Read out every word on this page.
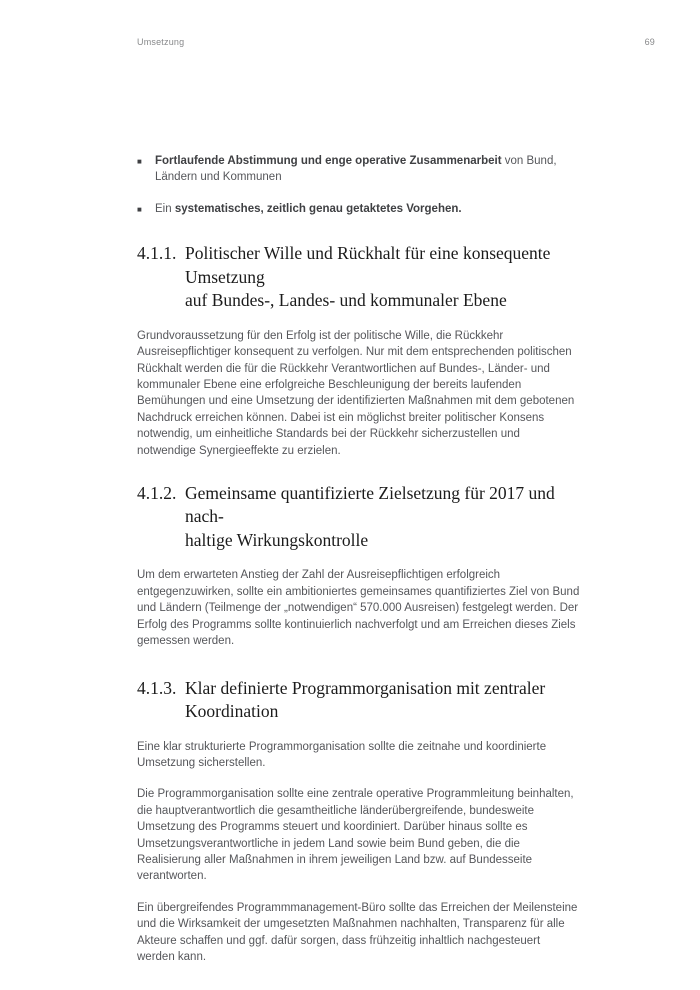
Umsetzung	69
■	Fortlaufende Abstimmung und enge operative Zusammenarbeit von Bund, Ländern und Kommunen
■	Ein systematisches, zeitlich genau getaktetes Vorgehen.
4.1.1. Politischer Wille und Rückhalt für eine konsequente Umsetzung
auf Bundes-, Landes- und kommunaler Ebene

Grundvoraussetzung für den Erfolg ist der politische Wille, die Rückkehr Ausreisepflichtiger konsequent zu verfolgen. Nur mit dem entsprechenden politischen Rückhalt werden die für die Rückkehr Verantwortlichen auf Bundes-, Länder- und kommunaler Ebene eine erfolgreiche Beschleunigung der bereits laufenden Bemühungen und eine Umsetzung der identifizierten Maßnahmen mit dem gebotenen Nachdruck erreichen können. Dabei ist ein möglichst breiter politischer Konsens notwendig, um einheitliche Standards bei der Rückkehr sicherzustellen und notwendige Synergieeffekte zu erzielen.

4.1.2. Gemeinsame quantifizierte Zielsetzung für 2017 und nach-
haltige Wirkungskontrolle

Um dem erwarteten Anstieg der Zahl der Ausreisepflichtigen erfolgreich entgegenzuwirken, sollte ein ambitioniertes gemeinsames quantifiziertes Ziel von Bund und Ländern (Teilmenge der „notwendigen“ 570.000 Ausreisen) festgelegt werden. Der Erfolg des Programms sollte kontinuierlich nachverfolgt und am Erreichen dieses Ziels gemessen werden.

4.1.3. Klar definierte Programmorganisation mit zentraler
Koordination

Eine klar strukturierte Programmorganisation sollte die zeitnahe und koordinierte Umsetzung sicherstellen.

Die Programmorganisation sollte eine zentrale operative Programmleitung beinhalten, die hauptverantwortlich die gesamtheitliche länderübergreifende, bundesweite Umsetzung des Programms steuert und koordiniert. Darüber hinaus sollte es Umsetzungsverantwortliche in jedem Land sowie beim Bund geben, die die Realisierung aller Maßnahmen in ihrem jeweiligen Land bzw. auf Bundesseite verantworten.

Ein übergreifendes Programmmanagement-Büro sollte das Erreichen der Meilensteine und die Wirksamkeit der umgesetzten Maßnahmen nachhalten, Transparenz für alle Akteure schaffen und ggf. dafür sorgen, dass frühzeitig inhaltlich nachgesteuert werden kann.
